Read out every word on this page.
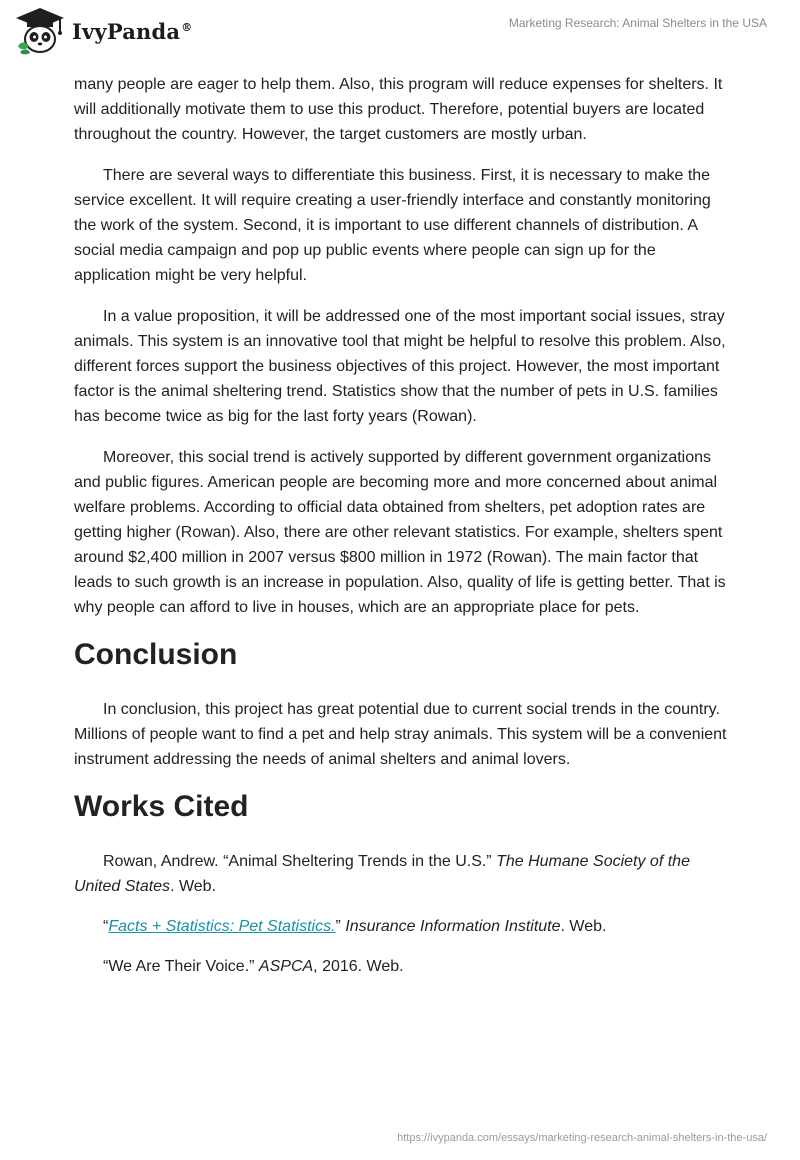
IvyPanda®	Marketing Research: Animal Shelters in the USA

many people are eager to help them. Also, this program will reduce expenses for shelters. It will additionally motivate them to use this product. Therefore, potential buyers are located throughout the country. However, the target customers are mostly urban.

There are several ways to differentiate this business. First, it is necessary to make the service excellent. It will require creating a user-friendly interface and constantly monitoring the work of the system. Second, it is important to use different channels of distribution. A social media campaign and pop up public events where people can sign up for the application might be very helpful.

In a value proposition, it will be addressed one of the most important social issues, stray animals. This system is an innovative tool that might be helpful to resolve this problem. Also, different forces support the business objectives of this project. However, the most important factor is the animal sheltering trend. Statistics show that the number of pets in U.S. families has become twice as big for the last forty years (Rowan).

Moreover, this social trend is actively supported by different government organizations and public figures. American people are becoming more and more concerned about animal welfare problems. According to official data obtained from shelters, pet adoption rates are getting higher (Rowan). Also, there are other relevant statistics. For example, shelters spent around $2,400 million in 2007 versus $800 million in 1972 (Rowan). The main factor that leads to such growth is an increase in population. Also, quality of life is getting better. That is why people can afford to live in houses, which are an appropriate place for pets.

Conclusion

In conclusion, this project has great potential due to current social trends in the country. Millions of people want to find a pet and help stray animals. This system will be a convenient instrument addressing the needs of animal shelters and animal lovers.

Works Cited

Rowan, Andrew. “Animal Sheltering Trends in the U.S.” The Humane Society of the United States. Web.

“Facts + Statistics: Pet Statistics.” Insurance Information Institute. Web.

“We Are Their Voice.” ASPCA, 2016. Web.

https://ivypanda.com/essays/marketing-research-animal-shelters-in-the-usa/
